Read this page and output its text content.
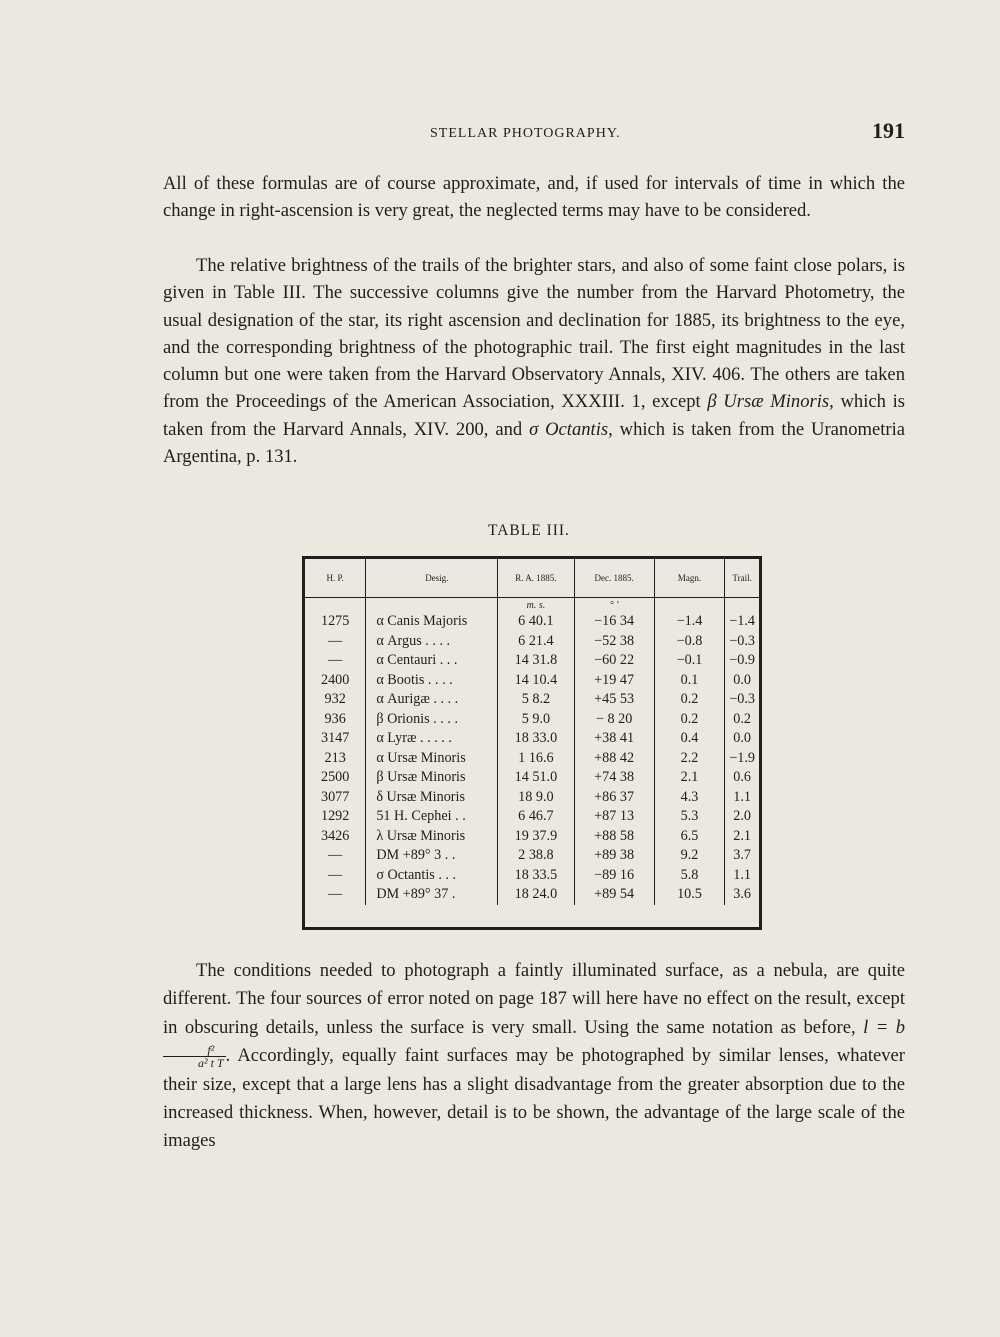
STELLAR PHOTOGRAPHY.	191

All of these formulas are of course approximate, and, if used for intervals of time in which the change in right-ascension is very great, the neglected terms may have to be considered.

The relative brightness of the trails of the brighter stars, and also of some faint close polars, is given in Table III. The successive columns give the number from the Harvard Photometry, the usual designation of the star, its right ascension and declination for 1885, its brightness to the eye, and the corresponding brightness of the photographic trail. The first eight magnitudes in the last column but one were taken from the Harvard Observatory Annals, XIV. 406. The others are taken from the Proceedings of the American Association, XXXIII. 1, except β Ursæ Minoris, which is taken from the Harvard Annals, XIV. 200, and σ Octantis, which is taken from the Uranometria Argentina, p. 131.

TABLE III.
H. P.	Desig.	R. A. 1885.	Dec. 1885.	Magn.	Trail.
		m. s.	° ′		
1275	α Canis Majoris	6 40.1	−16 34	−1.4	−1.4
—	α Argus . . . .	6 21.4	−52 38	−0.8	−0.3
—	α Centauri . . .	14 31.8	−60 22	−0.1	−0.9
2400	α Bootis . . . .	14 10.4	+19 47	0.1	0.0
932	α Aurigæ . . . .	5 8.2	+45 53	0.2	−0.3
936	β Orionis . . . .	5 9.0	− 8 20	0.2	0.2
3147	α Lyræ . . . . .	18 33.0	+38 41	0.4	0.0
213	α Ursæ Minoris	1 16.6	+88 42	2.2	−1.9
2500	β Ursæ Minoris	14 51.0	+74 38	2.1	0.6
3077	δ Ursæ Minoris	18 9.0	+86 37	4.3	1.1
1292	51 H. Cephei . .	6 46.7	+87 13	5.3	2.0
3426	λ Ursæ Minoris	19 37.9	+88 58	6.5	2.1
—	DM +89° 3 . .	2 38.8	+89 38	9.2	3.7
—	σ Octantis . . .	18 33.5	−89 16	5.8	1.1
—	DM +89° 37 .	18 24.0	+89 54	10.5	3.6

The conditions needed to photograph a faintly illuminated surface, as a nebula, are quite different. The four sources of error noted on page 187 will here have no effect on the result, except in obscuring details, unless the surface is very small. Using the same notation as before, l = b
$\frac{\text{f²}}{\text{a² t T}}$ . Accordingly, equally faint surfaces may be photographed by similar lenses, whatever their size, except that a large lens has a slight disadvantage from the greater absorption due to the increased thickness. When, however, detail is to be shown, the advantage of the large scale of the images
